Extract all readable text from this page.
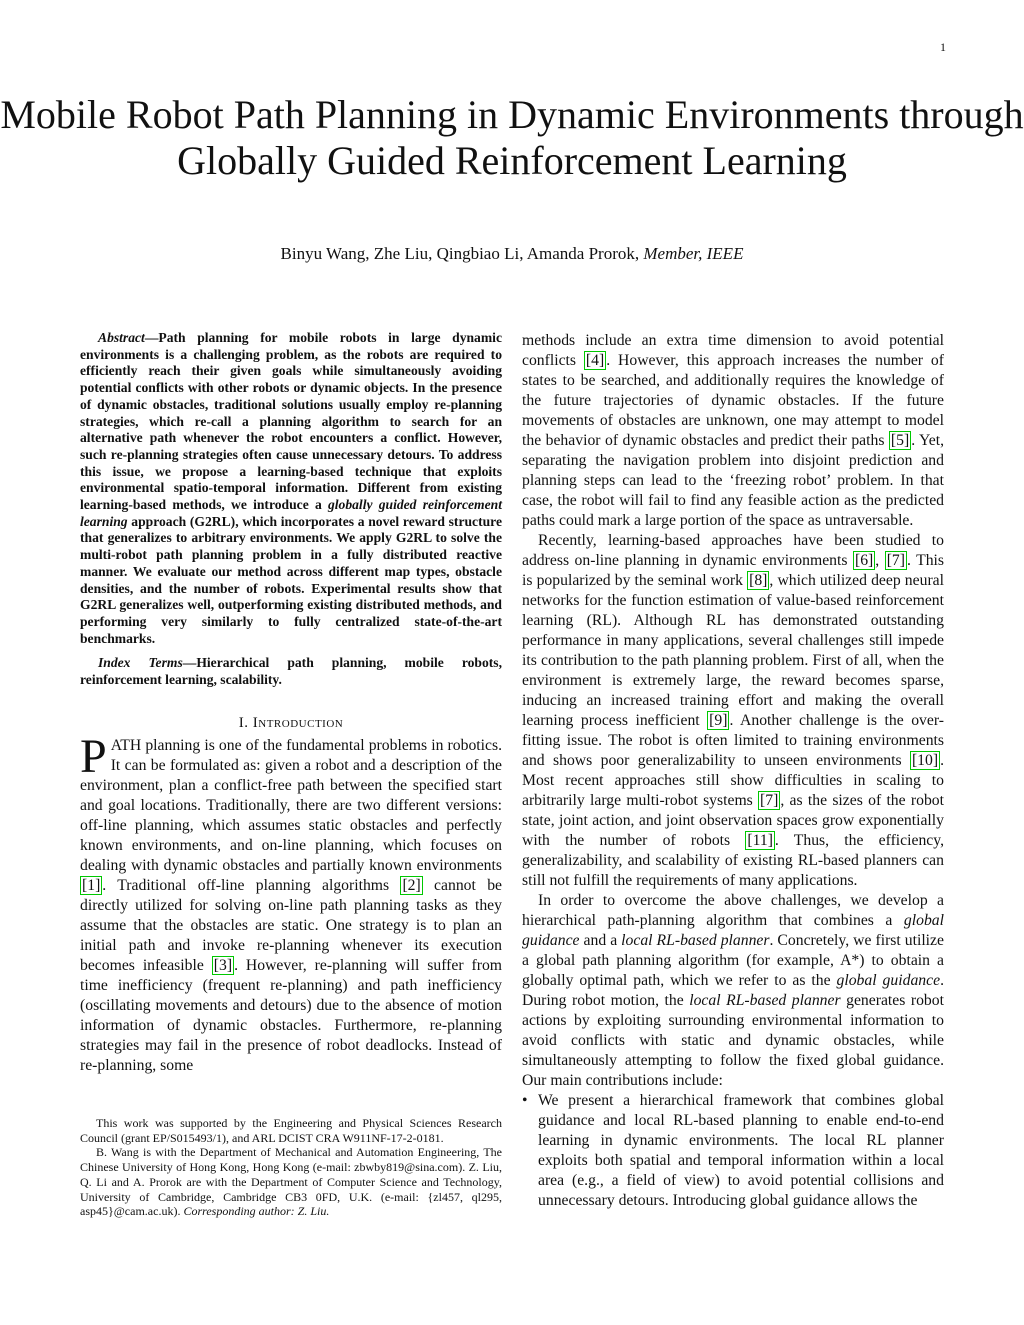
1
Mobile Robot Path Planning in Dynamic Environments through Globally Guided Reinforcement Learning
Binyu Wang, Zhe Liu, Qingbiao Li, Amanda Prorok, Member, IEEE

Abstract—Path planning for mobile robots in large dynamic environments is a challenging problem, as the robots are required to efficiently reach their given goals while simultaneously avoiding potential conflicts with other robots or dynamic objects. In the presence of dynamic obstacles, traditional solutions usually employ re-planning strategies, which re-call a planning algorithm to search for an alternative path whenever the robot encounters a conflict. However, such re-planning strategies often cause unnecessary detours. To address this issue, we propose a learning-based technique that exploits environmental spatio-temporal information. Different from existing learning-based methods, we introduce a globally guided reinforcement learning approach (G2RL), which incorporates a novel reward structure that generalizes to arbitrary environments. We apply G2RL to solve the multi-robot path planning problem in a fully distributed reactive manner. We evaluate our method across different map types, obstacle densities, and the number of robots. Experimental results show that G2RL generalizes well, outperforming existing distributed methods, and performing very similarly to fully centralized state-of-the-art benchmarks.

Index Terms—Hierarchical path planning, mobile robots, reinforcement learning, scalability.

I. Introduction

PATH planning is one of the fundamental problems in robotics. It can be formulated as: given a robot and a description of the environment, plan a conflict-free path between the specified start and goal locations. Traditionally, there are two different versions: off-line planning, which assumes static obstacles and perfectly known environments, and on-line planning, which focuses on dealing with dynamic obstacles and partially known environments [1] . Traditional off-line planning algorithms [2] cannot be directly utilized for solving on-line path planning tasks as they assume that the obstacles are static. One strategy is to plan an initial path and invoke re-planning whenever its execution becomes infeasible [3] . However, re-planning will suffer from time inefficiency (frequent re-planning) and path inefficiency (oscillating movements and detours) due to the absence of motion information of dynamic obstacles. Furthermore, re-planning strategies may fail in the presence of robot deadlocks. Instead of re-planning, some

This work was supported by the Engineering and Physical Sciences Research Council (grant EP/S015493/1), and ARL DCIST CRA W911NF-17-2-0181.

B. Wang is with the Department of Mechanical and Automation Engineering, The Chinese University of Hong Kong, Hong Kong (e-mail: zbwby819@sina.com). Z. Liu, Q. Li and A. Prorok are with the Department of Computer Science and Technology, University of Cambridge, Cambridge CB3 0FD, U.K. (e-mail: {zl457, ql295, asp45}@cam.ac.uk). Corresponding author: Z. Liu.

methods include an extra time dimension to avoid potential conflicts [4] . However, this approach increases the number of states to be searched, and additionally requires the knowledge of the future trajectories of dynamic obstacles. If the future movements of obstacles are unknown, one may attempt to model the behavior of dynamic obstacles and predict their paths [5] . Yet, separating the navigation problem into disjoint prediction and planning steps can lead to the ‘freezing robot’ problem. In that case, the robot will fail to find any feasible action as the predicted paths could mark a large portion of the space as untraversable.

Recently, learning-based approaches have been studied to address on-line planning in dynamic environments [6] , [7] . This is popularized by the seminal work [8] , which utilized deep neural networks for the function estimation of value-based reinforcement learning (RL). Although RL has demonstrated outstanding performance in many applications, several challenges still impede its contribution to the path planning problem. First of all, when the environment is extremely large, the reward becomes sparse, inducing an increased training effort and making the overall learning process inefficient [9] . Another challenge is the over-fitting issue. The robot is often limited to training environments and shows poor generalizability to unseen environments [10] . Most recent approaches still show difficulties in scaling to arbitrarily large multi-robot systems [7] , as the sizes of the robot state, joint action, and joint observation spaces grow exponentially with the number of robots [11] . Thus, the efficiency, generalizability, and scalability of existing RL-based planners can still not fulfill the requirements of many applications.

In order to overcome the above challenges, we develop a hierarchical path-planning algorithm that combines a global guidance and a local RL-based planner. Concretely, we first utilize a global path planning algorithm (for example, A*) to obtain a globally optimal path, which we refer to as the global guidance. During robot motion, the local RL-based planner generates robot actions by exploiting surrounding environmental information to avoid conflicts with static and dynamic obstacles, while simultaneously attempting to follow the fixed global guidance. Our main contributions include:

• We present a hierarchical framework that combines global guidance and local RL-based planning to enable end-to-end learning in dynamic environments. The local RL planner exploits both spatial and temporal information within a local area (e.g., a field of view) to avoid potential collisions and unnecessary detours. Introducing global guidance allows the
